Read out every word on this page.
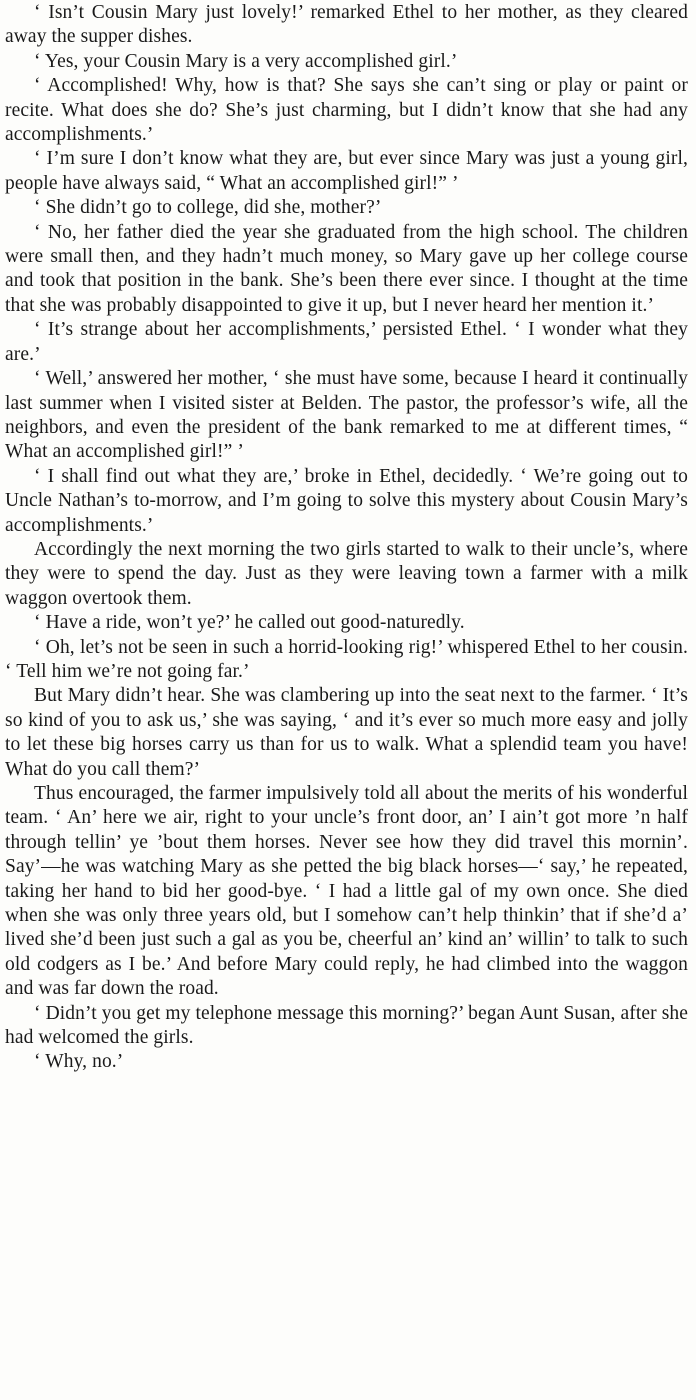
‘ Isn’t Cousin Mary just lovely!’ remarked Ethel to her mother, as they cleared away the supper dishes.

‘ Yes, your Cousin Mary is a very accomplished girl.’

‘ Accomplished! Why, how is that? She says she can’t sing or play or paint or recite. What does she do? She’s just charming, but I didn’t know that she had any accomplishments.’

‘ I’m sure I don’t know what they are, but ever since Mary was just a young girl, people have always said, “ What an accomplished girl!” ’

‘ She didn’t go to college, did she, mother?’

‘ No, her father died the year she graduated from the high school. The children were small then, and they hadn’t much money, so Mary gave up her college course and took that position in the bank. She’s been there ever since. I thought at the time that she was probably disappointed to give it up, but I never heard her mention it.’

‘ It’s strange about her accomplishments,’ persisted Ethel. ‘ I wonder what they are.’

‘ Well,’ answered her mother, ‘ she must have some, because I heard it continually last summer when I visited sister at Belden. The pastor, the professor’s wife, all the neighbors, and even the president of the bank remarked to me at different times, “ What an accomplished girl!” ’

‘ I shall find out what they are,’ broke in Ethel, decidedly. ‘ We’re going out to Uncle Nathan’s to-morrow, and I’m going to solve this mystery about Cousin Mary’s accomplishments.’

Accordingly the next morning the two girls started to walk to their uncle’s, where they were to spend the day. Just as they were leaving town a farmer with a milk waggon overtook them.

‘ Have a ride, won’t ye?’ he called out good-naturedly.

‘ Oh, let’s not be seen in such a horrid-looking rig!’ whispered Ethel to her cousin. ‘ Tell him we’re not going far.’

But Mary didn’t hear. She was clambering up into the seat next to the farmer. ‘ It’s so kind of you to ask us,’ she was saying, ‘ and it’s ever so much more easy and jolly to let these big horses carry us than for us to walk. What a splendid team you have! What do you call them?’

Thus encouraged, the farmer impulsively told all about the merits of his wonderful team. ‘ An’ here we air, right to your uncle’s front door, an’ I ain’t got more ’n half through tellin’ ye ’bout them horses. Never see how they did travel this mornin’. Say’—he was watching Mary as she petted the big black horses—‘ say,’ he repeated, taking her hand to bid her good-bye. ‘ I had a little gal of my own once. She died when she was only three years old, but I somehow can’t help thinkin’ that if she’d a’ lived she’d been just such a gal as you be, cheerful an’ kind an’ willin’ to talk to such old codgers as I be.’ And before Mary could reply, he had climbed into the waggon and was far down the road.

‘ Didn’t you get my telephone message this morning?’ began Aunt Susan, after she had welcomed the girls.

‘ Why, no.’
